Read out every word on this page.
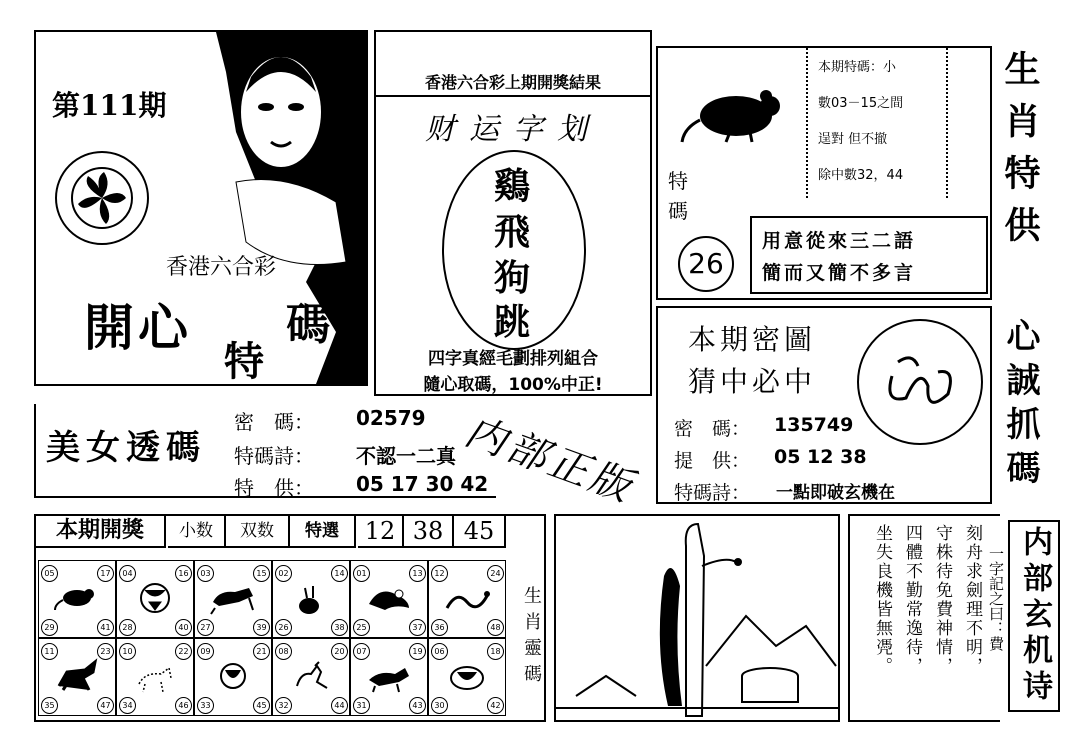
第111期
香港六合彩
開心
特
碼
香港六合彩上期開獎結果
财运字划
鷄
飛
狗
跳
四字真經毛劃排列組合
隨心取碼，100%中正!
特碼
26
本期特碼：小
數03－15之間
逞對 但不撤
除中數32，44
用意從來三二語
簡而又簡不多言
生肖特供
本期密圖
猜中必中
密　碼： 135749
提　供： 05 12 38
特碼詩： 一點即破玄機在	心誠抓碼
美女透碼
密　碼： 02579
特碼詩： 不認一二真
特　供： 05 17 30 42
内部正版
本期開獎	小数	双数	特選	12 38 45
生肖靈碼
05	17
29	41
04	16
28	40
03	15
27	39
02	14
26	38
01	13
25	37
12	24
36	48
11	23
35	47
10	22
34	46
09	21
33	45
08	20
32	44
07	19
31	43
06	18
30	42
刻舟求劍理不明，
守株待免費神情，
四體不勤常逸待，
坐失良機皆無凴。	一字記之曰：費 内部玄机诗
